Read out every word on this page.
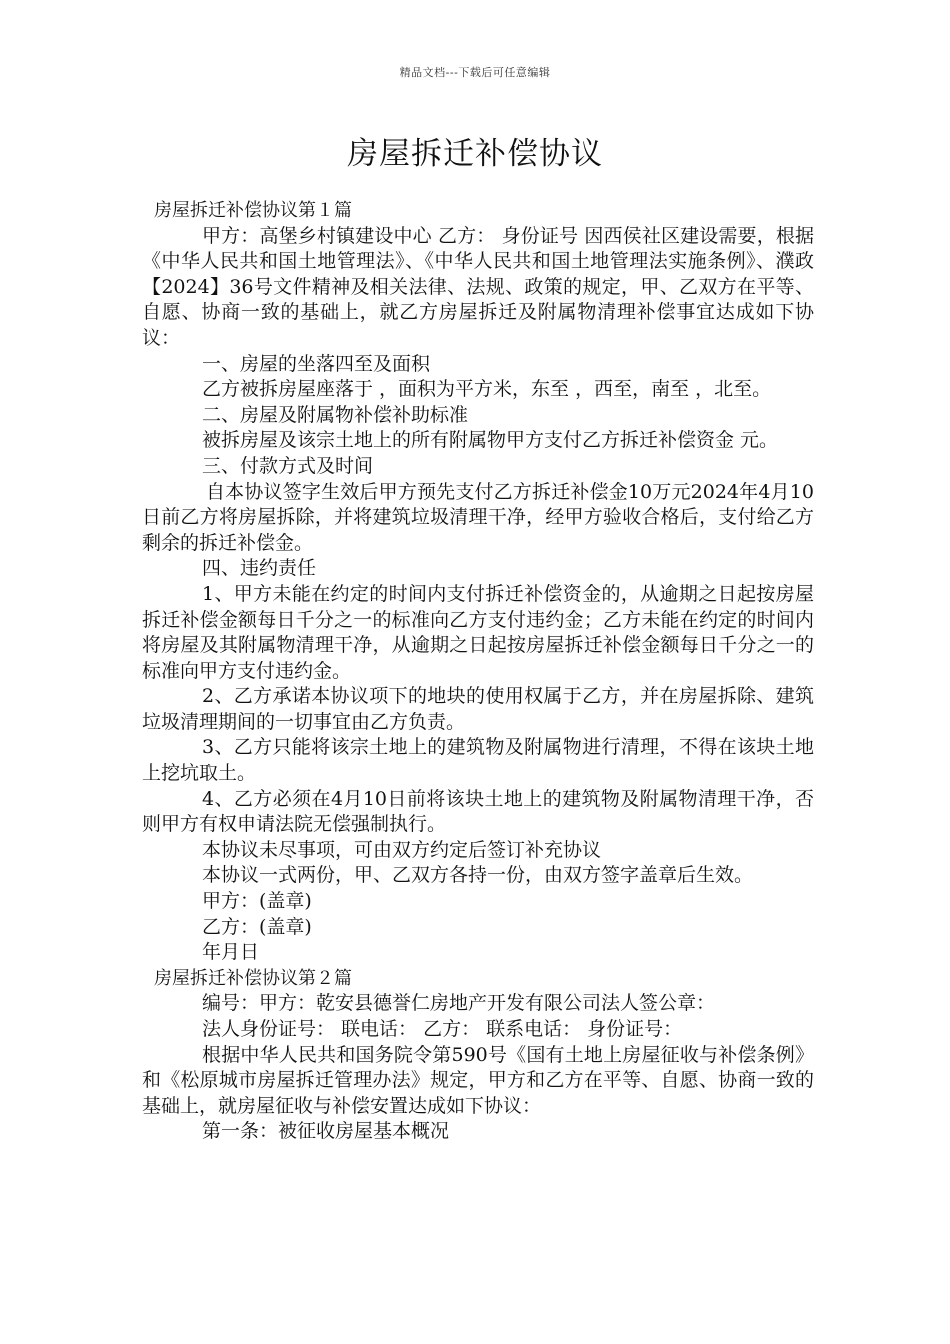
精品文档---下载后可任意编辑
房屋拆迁补偿协议

房屋拆迁补偿协议第１篇

甲方：高堡乡村镇建设中心 乙方： 身份证号 因西侯社区建设需要，根据《中华人民共和国土地管理法》、《中华人民共和国土地管理法实施条例》、濮政【2024】36号文件精神及相关法律、法规、政策的规定，甲、乙双方在平等、自愿、协商一致的基础上，就乙方房屋拆迁及附属物清理补偿事宜达成如下协议：

一、房屋的坐落四至及面积

乙方被拆房屋座落于 ，面积为平方米，东至 ，西至，南至 ，北至。

二、房屋及附属物补偿补助标准

被拆房屋及该宗土地上的所有附属物甲方支付乙方拆迁补偿资金 元。

三、付款方式及时间

自本协议签字生效后甲方预先支付乙方拆迁补偿金10万元2024年4月10日前乙方将房屋拆除，并将建筑垃圾清理干净，经甲方验收合格后，支付给乙方剩余的拆迁补偿金。

四、违约责任

1、甲方未能在约定的时间内支付拆迁补偿资金的，从逾期之日起按房屋拆迁补偿金额每日千分之一的标准向乙方支付违约金；乙方未能在约定的时间内将房屋及其附属物清理干净，从逾期之日起按房屋拆迁补偿金额每日千分之一的标准向甲方支付违约金。

2、乙方承诺本协议项下的地块的使用权属于乙方，并在房屋拆除、建筑垃圾清理期间的一切事宜由乙方负责。

3、乙方只能将该宗土地上的建筑物及附属物进行清理，不得在该块土地上挖坑取土。

4、乙方必须在4月10日前将该块土地上的建筑物及附属物清理干净，否则甲方有权申请法院无偿强制执行。

本协议未尽事项，可由双方约定后签订补充协议

本协议一式两份，甲、乙双方各持一份，由双方签字盖章后生效。

甲方：(盖章)

乙方：(盖章)

年月日

房屋拆迁补偿协议第２篇

编号：甲方：乾安县德誉仁房地产开发有限公司法人签公章：

法人身份证号： 联电话： 乙方： 联系电话： 身份证号：

根据中华人民共和国务院令第590号《国有土地上房屋征收与补偿条例》和《松原城市房屋拆迁管理办法》规定，甲方和乙方在平等、自愿、协商一致的基础上，就房屋征收与补偿安置达成如下协议：

第一条：被征收房屋基本概况
